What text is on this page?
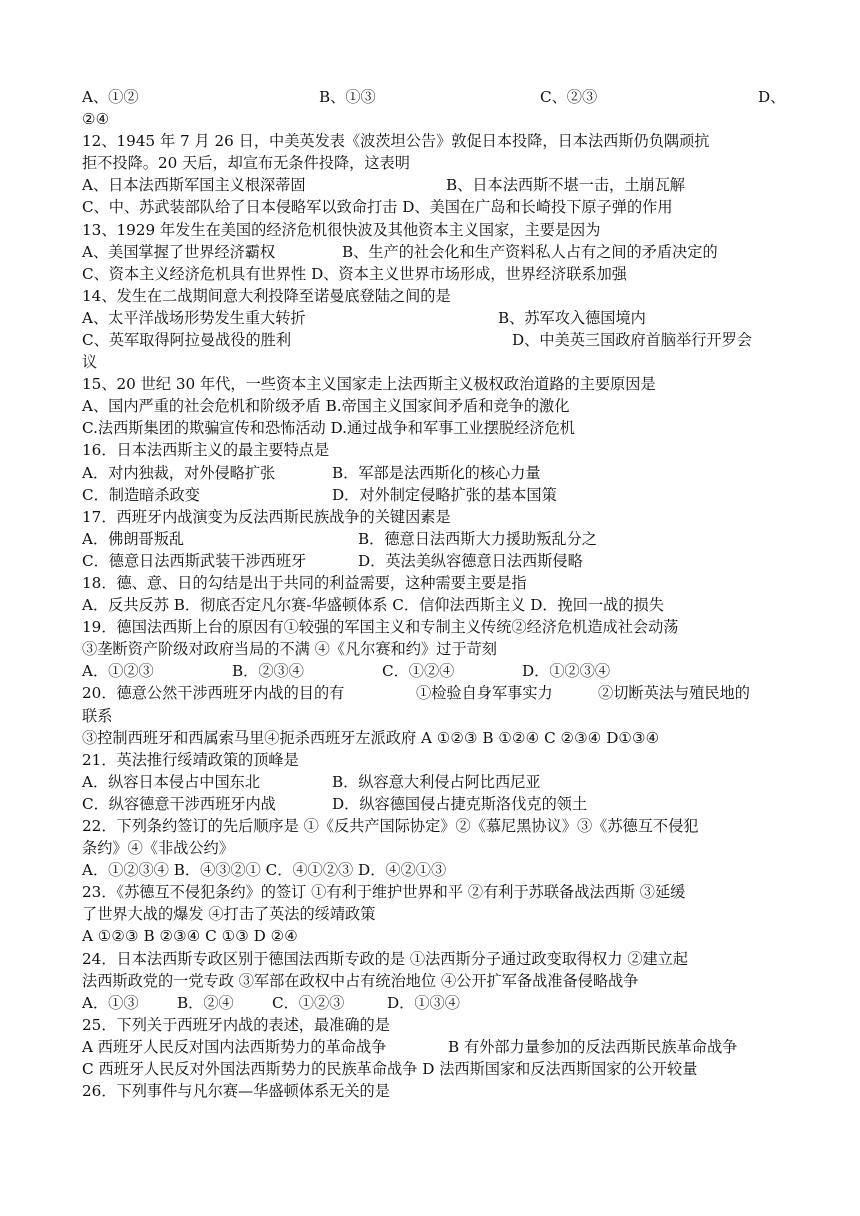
A、①②	B、①③	C、②③	D、
②④
12、1945 年 7 月 26 日，中美英发表《波茨坦公告》敦促日本投降，日本法西斯仍负隅顽抗
拒不投降。20 天后，却宣布无条件投降，这表明
A、日本法西斯军国主义根深蒂固	B、日本法西斯不堪一击，土崩瓦解
C、中、苏武装部队给了日本侵略军以致命打击 D、美国在广岛和长崎投下原子弹的作用
13、1929 年发生在美国的经济危机很快波及其他资本主义国家，主要是因为
A、美国掌握了世界经济霸权	B、生产的社会化和生产资料私人占有之间的矛盾决定的
C、资本主义经济危机具有世界性 D、资本主义世界市场形成，世界经济联系加强
14、发生在二战期间意大利投降至诺曼底登陆之间的是
A、太平洋战场形势发生重大转折	B、苏军攻入德国境内
C、英军取得阿拉曼战役的胜利	D、中美英三国政府首脑举行开罗会
议
15、20 世纪 30 年代，一些资本主义国家走上法西斯主义极权政治道路的主要原因是
A、国内严重的社会危机和阶级矛盾 B.帝国主义国家间矛盾和竞争的激化
C.法西斯集团的欺骗宣传和恐怖活动 D.通过战争和军事工业摆脱经济危机
16．日本法西斯主义的最主要特点是
A．对内独裁，对外侵略扩张	B．军部是法西斯化的核心力量
C．制造暗杀政变	D．对外制定侵略扩张的基本国策
17．西班牙内战演变为反法西斯民族战争的关键因素是
A．佛朗哥叛乱	B．德意日法西斯大力援助叛乱分之
C．德意日法西斯武装干涉西班牙	D．英法美纵容德意日法西斯侵略
18．德、意、日的勾结是出于共同的利益需要，这种需要主要是指
A．反共反苏 B．彻底否定凡尔赛-华盛顿体系 C．信仰法西斯主义 D．挽回一战的损失
19．德国法西斯上台的原因有①较强的军国主义和专制主义传统②经济危机造成社会动荡
③垄断资产阶级对政府当局的不满 ④《凡尔赛和约》过于苛刻
A．①②③	B．②③④	C．①②④	D．①②③④
20．德意公然干涉西班牙内战的目的有	①检验自身军事实力	②切断英法与殖民地的
联系
③控制西班牙和西属索马里④扼杀西班牙左派政府 A ①②③ B ①②④ C ②③④ D①③④
21．英法推行绥靖政策的顶峰是
A．纵容日本侵占中国东北	B．纵容意大利侵占阿比西尼亚
C．纵容德意干涉西班牙内战	D．纵容德国侵占捷克斯洛伐克的领土
22．下列条约签订的先后顺序是 ①《反共产国际协定》②《慕尼黑协议》③《苏德互不侵犯
条约》④《非战公约》
A．①②③④ B．④③②① C．④①②③ D．④②①③
23．《苏德互不侵犯条约》的签订 ①有利于维护世界和平 ②有利于苏联备战法西斯 ③延缓
了世界大战的爆发 ④打击了英法的绥靖政策
A ①②③ B ②③④ C ①③ D ②④
24．日本法西斯专政区别于德国法西斯专政的是 ①法西斯分子通过政变取得权力 ②建立起
法西斯政党的一党专政 ③军部在政权中占有统治地位 ④公开扩军备战准备侵略战争
A．①③	B．②④	C．①②③	D．①③④
25．下列关于西班牙内战的表述，最准确的是
A 西班牙人民反对国内法西斯势力的革命战争	B 有外部力量参加的反法西斯民族革命战争
C 西班牙人民反对外国法西斯势力的民族革命战争 D 法西斯国家和反法西斯国家的公开较量
26．下列事件与凡尔赛—华盛顿体系无关的是
